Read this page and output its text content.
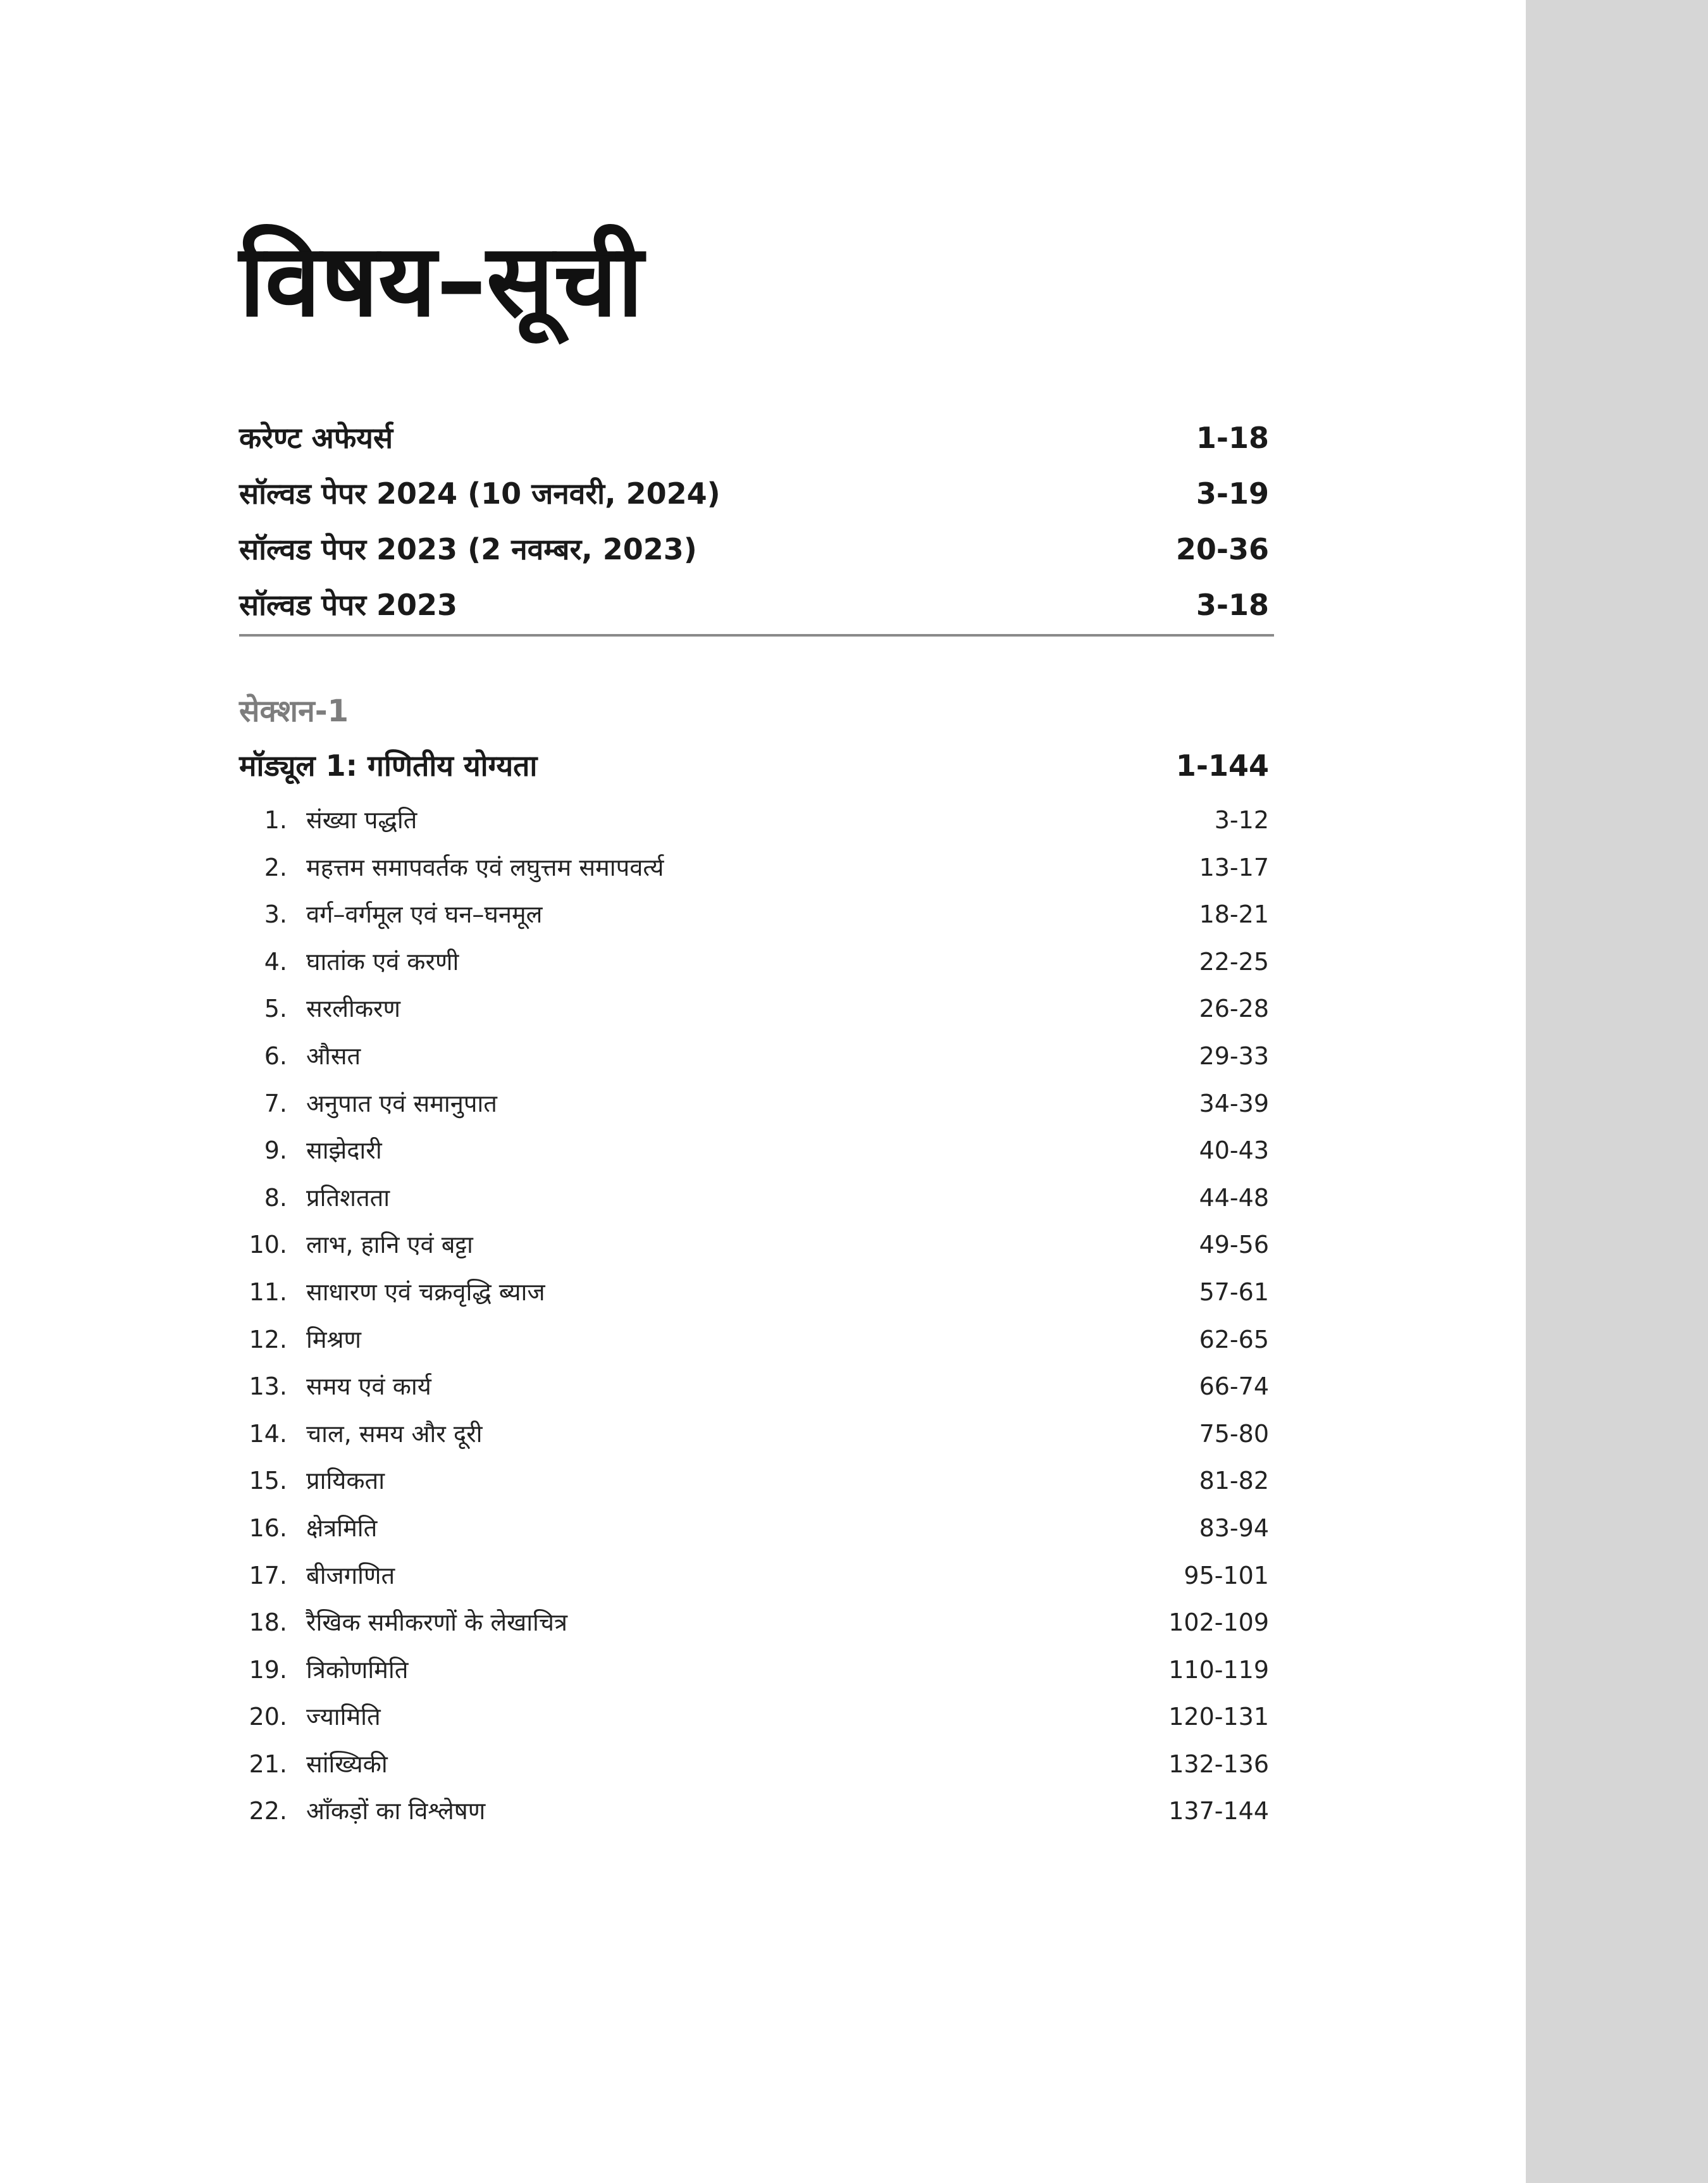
विषय–सूची
करेण्ट अफेयर्स	1-18
सॉल्वड पेपर 2024 (10 जनवरी, 2024)	3-19
सॉल्वड पेपर 2023 (2 नवम्बर, 2023)	20-36
सॉल्वड पेपर 2023	3-18
सेक्शन-1
मॉड्यूल 1: गणितीय योग्यता	1-144
1. संख्या पद्धति	3-12
2. महत्तम समापवर्तक एवं लघुत्तम समापवर्त्य	13-17
3. वर्ग–वर्गमूल एवं घन–घनमूल	18-21
4. घातांक एवं करणी	22-25
5. सरलीकरण	26-28
6. औसत	29-33
7. अनुपात एवं समानुपात	34-39
9. साझेदारी	40-43
8. प्रतिशतता	44-48
10. लाभ, हानि एवं बट्टा	49-56
11. साधारण एवं चक्रवृद्धि ब्याज	57-61
12. मिश्रण	62-65
13. समय एवं कार्य	66-74
14. चाल, समय और दूरी	75-80
15. प्रायिकता	81-82
16. क्षेत्रमिति	83-94
17. बीजगणित	95-101
18. रैखिक समीकरणों के लेखाचित्र	102-109
19. त्रिकोणमिति	110-119
20. ज्यामिति	120-131
21. सांख्यिकी	132-136
22. आँकड़ों का विश्लेषण	137-144
